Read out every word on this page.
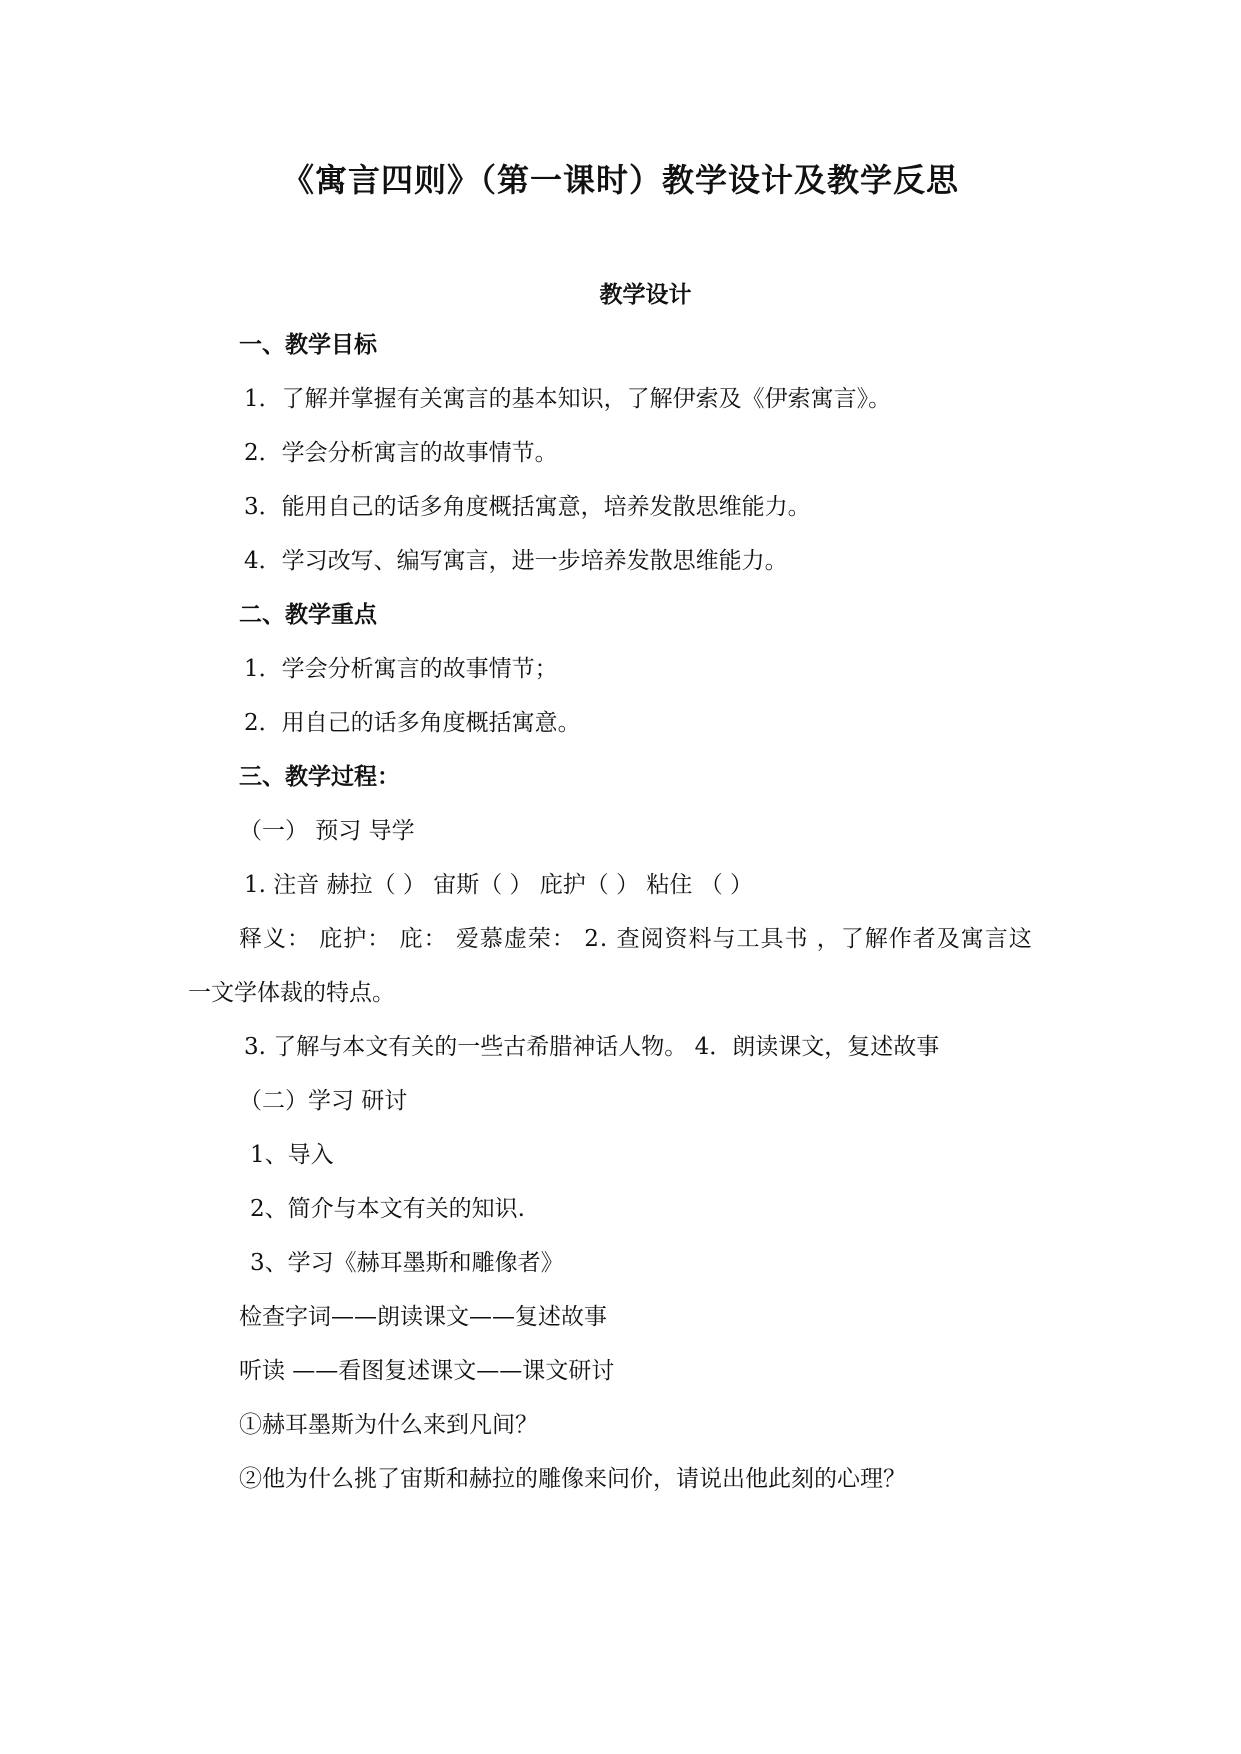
《寓言四则》（第一课时）教学设计及教学反思
教学设计
一、教学目标
1．了解并掌握有关寓言的基本知识，了解伊索及《伊索寓言》。
2．学会分析寓言的故事情节。
3．能用自己的话多角度概括寓意，培养发散思维能力。
4．学习改写、编写寓言，进一步培养发散思维能力。
二、教学重点
1．学会分析寓言的故事情节；
2．用自己的话多角度概括寓意。
三、教学过程：
（一） 预习 导学
1. 注音 赫拉（ ） 宙斯（ ） 庇护（ ） 粘住 （ ）
释义： 庇护： 庇： 爱慕虚荣： 2. 查阅资料与工具书 ，了解作者及寓言这
一文学体裁的特点。
3. 了解与本文有关的一些古希腊神话人物。 4．朗读课文，复述故事
（二）学习 研讨
1、导入
2、简介与本文有关的知识.
3、学习《赫耳墨斯和雕像者》
检查字词——朗读课文——复述故事
听读 ——看图复述课文——课文研讨
①赫耳墨斯为什么来到凡间？
②他为什么挑了宙斯和赫拉的雕像来问价，请说出他此刻的心理？
